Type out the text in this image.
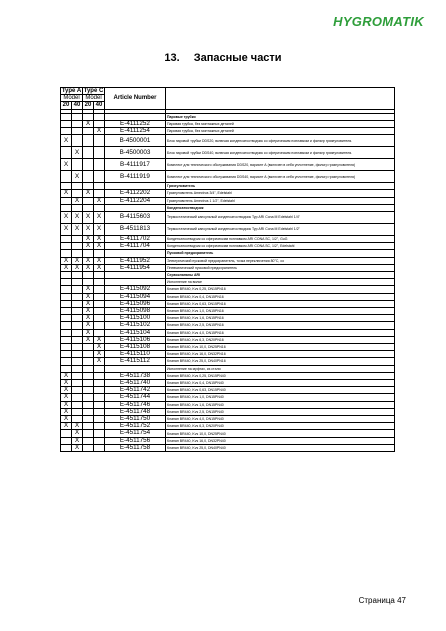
HYGROMATIK
13. Запасные части
Type A		Type C		Article Number	
Model		Model			
20	40	20	40		

					Паровые трубки
		X		E-4111252	Паровая трубка, без монтажных деталей
			X	E-4111254	Паровая трубка, без монтажных деталей
X				B-4500001	Блок паровой трубки DDS20, включая конденсатоотводчик со сферическим поплавком и фильтр грязеуловителя.
	X			B-4500003	Блок паровой трубки DDS40, включая конденсатоотводчик со сферическим поплавком и фильтр грязеуловителя.
X				B-4111917	Комплект для технического обслуживания DDS20, вариант А (включен в себя уплотнение, фильтр грязеуловителя)
	X			B-4111919	Комплект для технического обслуживания DDS40, вариант А (включен в себя уплотнение, фильтр грязеуловителя)
					Грязеуловитель
X		X		E-4112202	Грязеуловитель Amectrus 3/4", Edelstahl
	X		X	E-4112204	Грязеуловитель Amectrus 1 1/2", Edelstahl
					Конденсатоотводчик
X	X	X	X	B-4115603	Термостатический капсульный конденсатоотводчик Typ ARI Cona M Edelstahl 1/4"
X	X	X	X	B-4511813	Термостатический капсульный конденсатоотводчик Typ ARI Cona M Edelstahl 1/2"
		X	X	E-4111702	Конденсатоотводчик со сферическим поплавком ARI CONA SC, 1/2", GuG
		X	X	E-4111704	Конденсатоотводчик со сферическим поплавком ARI CONA SC, 1/2", Edelstahl
					Пусковой предохранитель
X	X	X	X	E-4111952	Электрический пусковой предохранитель, точка переключения 80°C, со
X	X	X	X	E-4111954	Пневматический пусковой предохранитель
					Сервоклапаны ARI
					Исполнение на вилке
		X		E-4115092	Клапан BR440, Kvs 0,25, DN15PN16
		X		E-4115094	Клапан BR440, Kvs 0,4, DN15PN16
		X		E-4115096	Клапан BR440, Kvs 0,63, DN15PN16
		X		E-4115098	Клапан BR440, Kvs 1,0, DN15PN16
		X		E-4115100	Клапан BR440, Kvs 1,6, DN15PN16
		X		E-4115102	Клапан BR440, Kvs 2,5, DN15PN16
		X		E-4115104	Клапан BR440, Kvs 4,0, DN15PN16
		X	X	E-4115106	Клапан BR440, Kvs 6,3, DN20PN16
			X	E-4115108	Клапан BR440, Kvs 10,0, DN25PN16
			X	E-4115110	Клапан BR440, Kvs 16,0, DN32PN16
			X	E-4115112	Клапан BR440, Kvs 25,0, DN40PN16
					Исполнение на муфтах, из стали
X				E-4511738	Клапан BR440, Kvs 0,25, DN15PN40
X				E-4511740	Клапан BR440, Kvs 0,4, DN15PN40
X				E-4511742	Клапан BR440, Kvs 0,63, DN15PN40
X				E-4511744	Клапан BR440, Kvs 1,0, DN15PN40
X				E-4511746	Клапан BR440, Kvs 1,6, DN15PN40
X				E-4511748	Клапан BR440, Kvs 2,5, DN15PN40
X				E-4511750	Клапан BR440, Kvs 4,0, DN15PN40
X	X			E-4511752	Клапан BR440, Kvs 6,3, DN20PN40
	X			E-4511754	Клапан BR440, Kvs 10,0, DN25PN40
	X			E-4511756	Клапан BR440, Kvs 16,0, DN32PN40
	X			E-4511758	Клапан BR440, Kvs 25,0, DN40PN40
Страница 47
